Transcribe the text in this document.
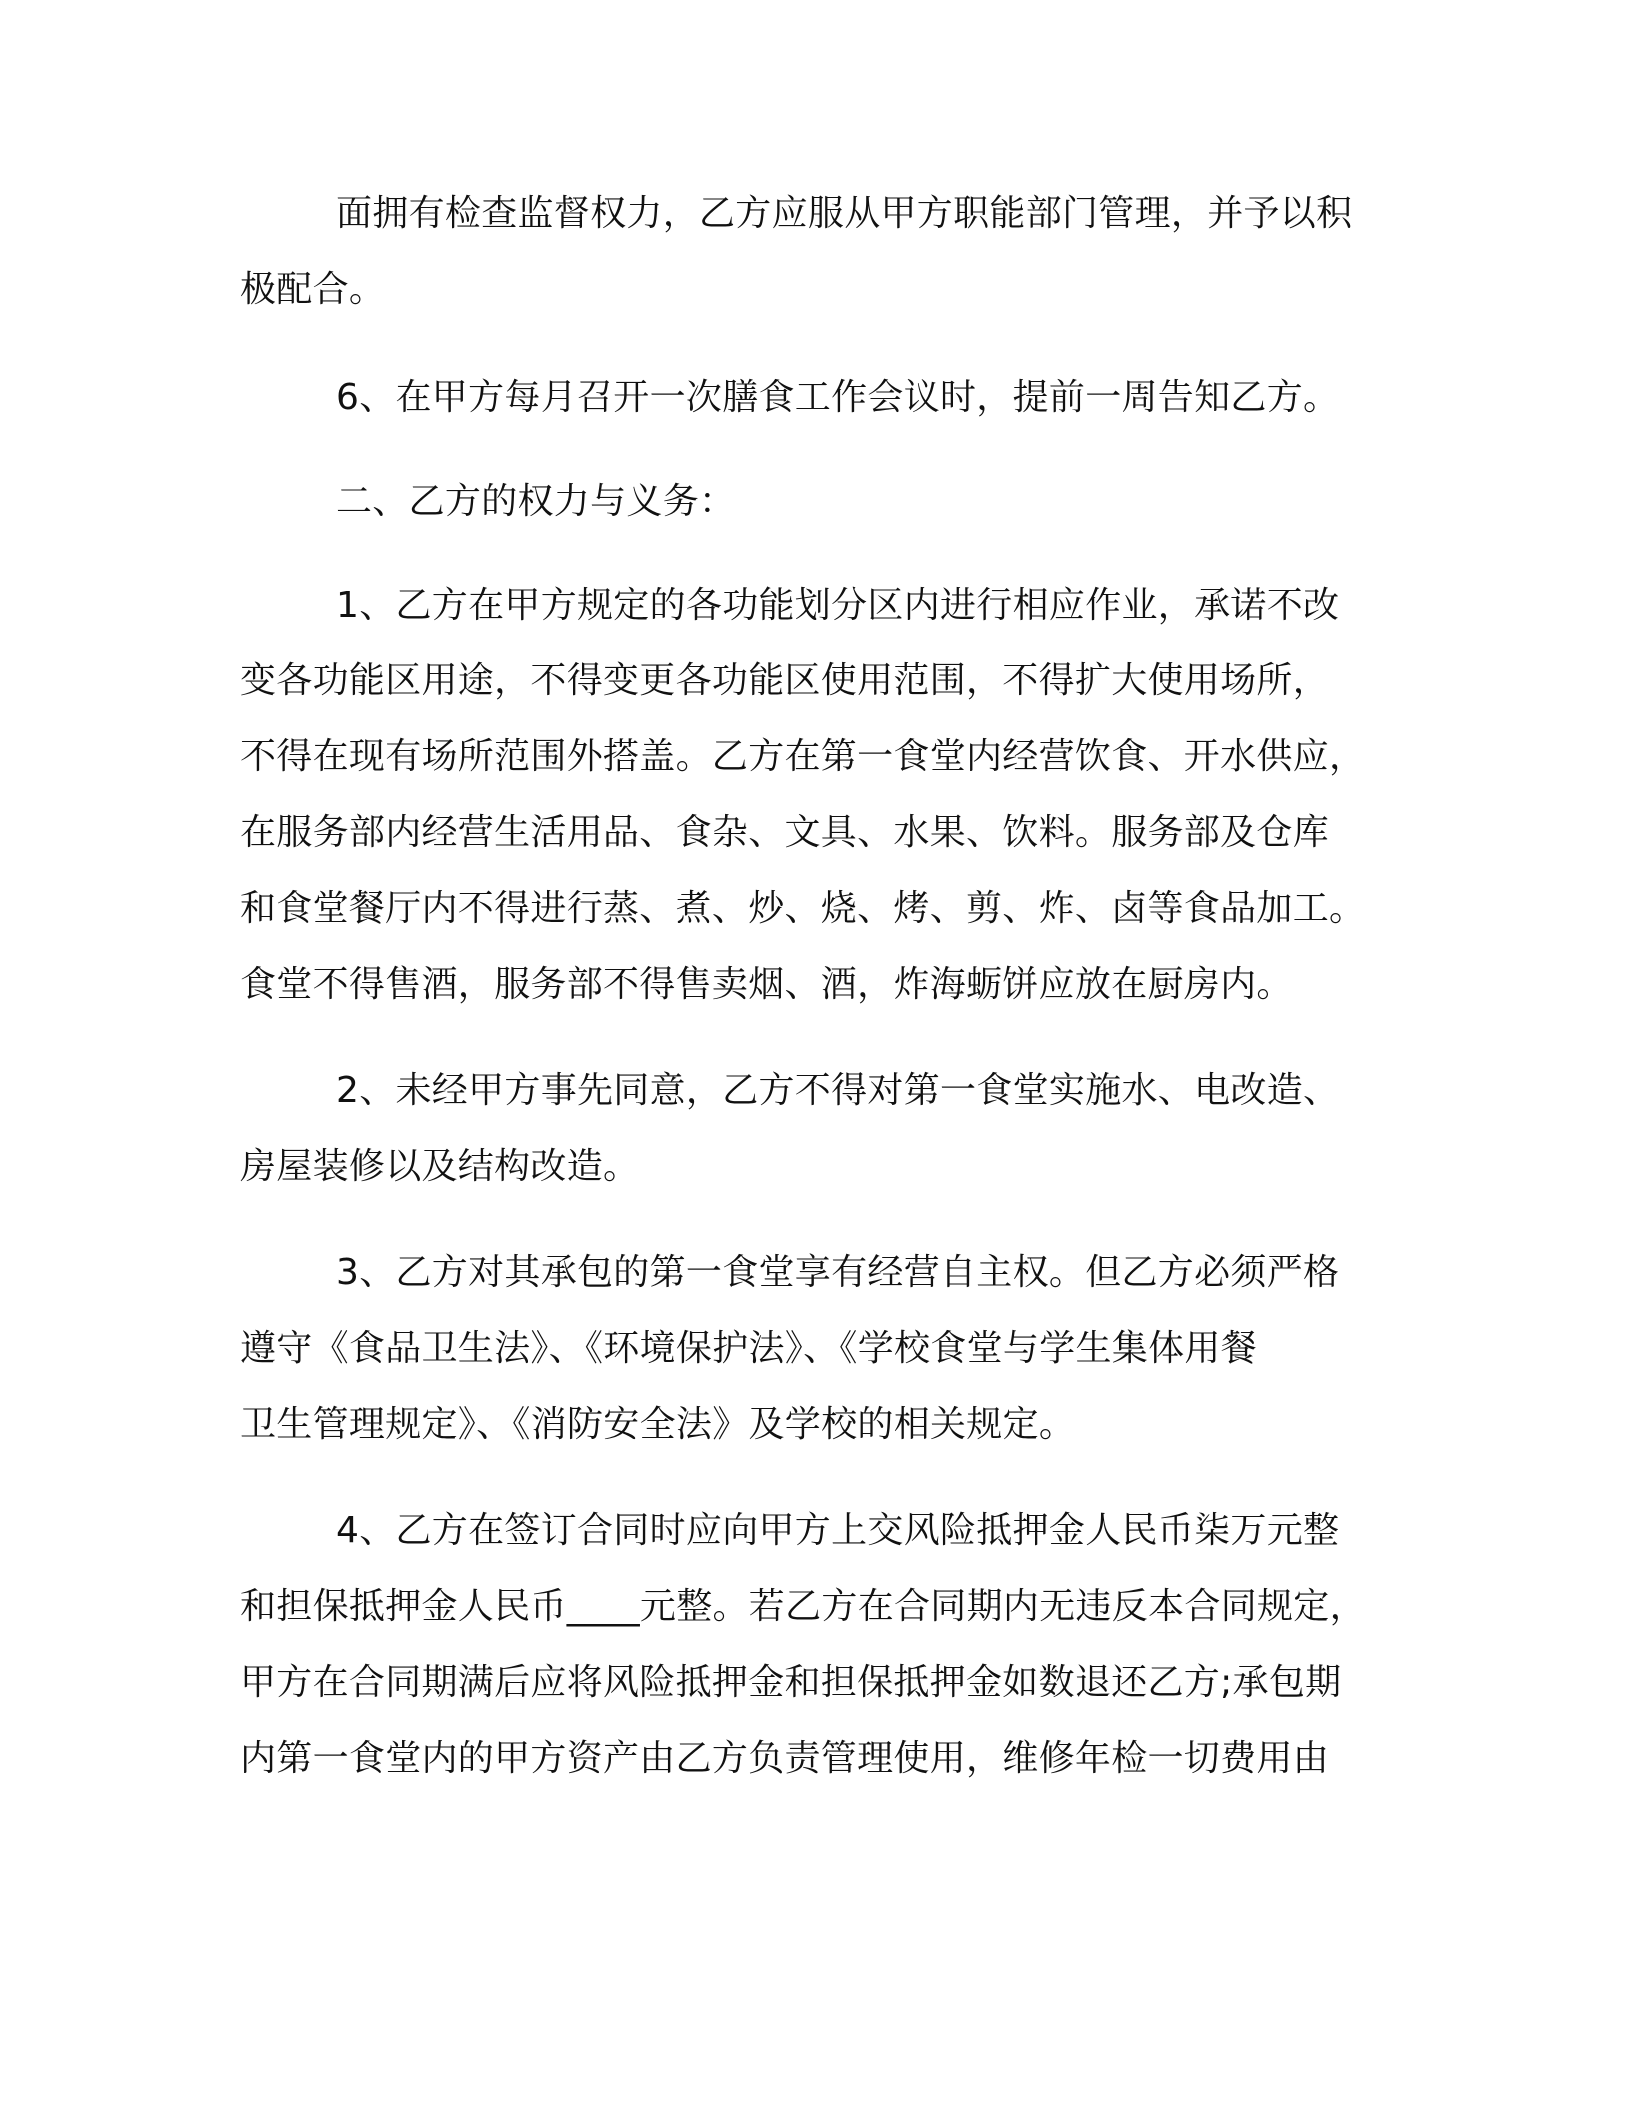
面拥有检查监督权力，乙方应服从甲方职能部门管理，并予以积

极配合。

6、在甲方每月召开一次膳食工作会议时，提前一周告知乙方。

二、乙方的权力与义务：

1、乙方在甲方规定的各功能划分区内进行相应作业，承诺不改

变各功能区用途，不得变更各功能区使用范围，不得扩大使用场所，

不得在现有场所范围外搭盖。乙方在第一食堂内经营饮食、开水供应，

在服务部内经营生活用品、食杂、文具、水果、饮料。服务部及仓库

和食堂餐厅内不得进行蒸、煮、炒、烧、烤、剪、炸、卤等食品加工。

食堂不得售酒，服务部不得售卖烟、酒，炸海蛎饼应放在厨房内。

2、未经甲方事先同意，乙方不得对第一食堂实施水、电改造、

房屋装修以及结构改造。

3、乙方对其承包的第一食堂享有经营自主权。但乙方必须严格

遵守《食品卫生法》、《环境保护法》、《学校食堂与学生集体用餐

卫生管理规定》、《消防安全法》及学校的相关规定。

4、乙方在签订合同时应向甲方上交风险抵押金人民币柒万元整

和担保抵押金人民币____元整。若乙方在合同期内无违反本合同规定，

甲方在合同期满后应将风险抵押金和担保抵押金如数退还乙方;承包期

内第一食堂内的甲方资产由乙方负责管理使用，维修年检一切费用由
